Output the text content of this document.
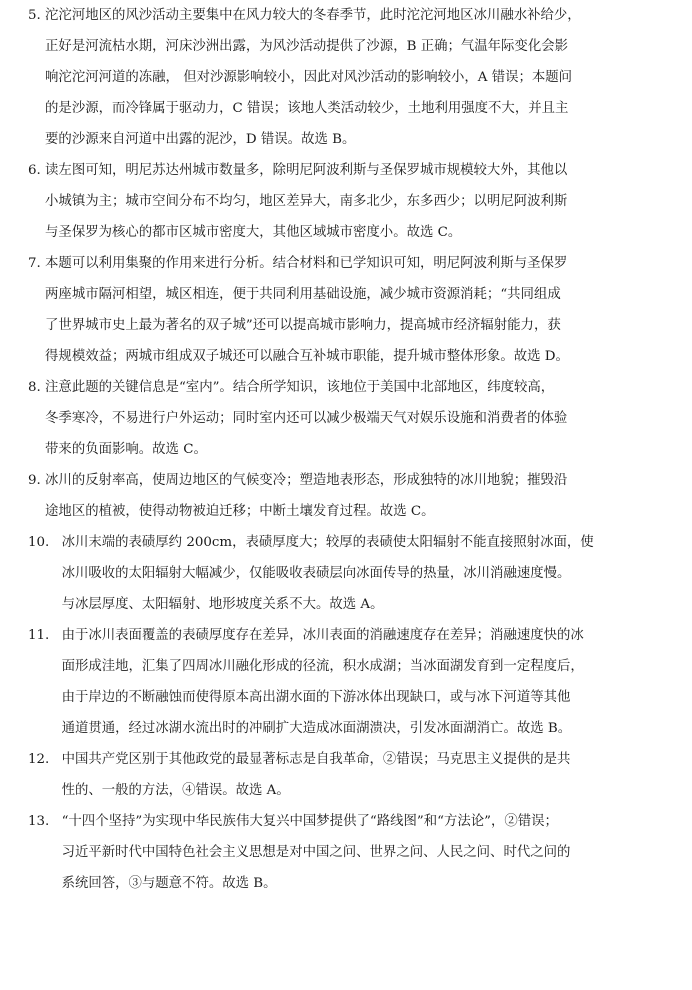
5. 沱沱河地区的风沙活动主要集中在风力较大的冬春季节，此时沱沱河地区冰川融水补给少，
正好是河流枯水期，河床沙洲出露，为风沙活动提供了沙源，B 正确；气温年际变化会影
响沱沱河河道的冻融， 但对沙源影响较小，因此对风沙活动的影响较小，A 错误；本题问
的是沙源，而冷锋属于驱动力，C 错误；该地人类活动较少，土地利用强度不大，并且主
要的沙源来自河道中出露的泥沙，D 错误。故选 B。
6. 读左图可知，明尼苏达州城市数量多，除明尼阿波利斯与圣保罗城市规模较大外，其他以
小城镇为主；城市空间分布不均匀，地区差异大，南多北少，东多西少；以明尼阿波利斯
与圣保罗为核心的都市区城市密度大，其他区域城市密度小。故选 C。
7. 本题可以利用集聚的作用来进行分析。结合材料和已学知识可知，明尼阿波利斯与圣保罗
两座城市隔河相望，城区相连，便于共同利用基础设施，减少城市资源消耗；“共同组成
了世界城市史上最为著名的双子城”还可以提高城市影响力，提高城市经济辐射能力，获
得规模效益；两城市组成双子城还可以融合互补城市职能，提升城市整体形象。故选 D。
8. 注意此题的关键信息是“室内”。结合所学知识，该地位于美国中北部地区，纬度较高，
冬季寒冷，不易进行户外运动；同时室内还可以减少极端天气对娱乐设施和消费者的体验
带来的负面影响。故选 C。
9. 冰川的反射率高，使周边地区的气候变冷；塑造地表形态，形成独特的冰川地貌；摧毁沿
途地区的植被，使得动物被迫迁移；中断土壤发育过程。故选 C。
10. 冰川末端的表碛厚约 200cm，表碛厚度大；较厚的表碛使太阳辐射不能直接照射冰面，使
冰川吸收的太阳辐射大幅减少，仅能吸收表碛层向冰面传导的热量，冰川消融速度慢。
与冰层厚度、太阳辐射、地形坡度关系不大。故选 A。
11. 由于冰川表面覆盖的表碛厚度存在差异，冰川表面的消融速度存在差异；消融速度快的冰
面形成洼地，汇集了四周冰川融化形成的径流，积水成湖；当冰面湖发育到一定程度后，
由于岸边的不断融蚀而使得原本高出湖水面的下游冰体出现缺口，或与冰下河道等其他
通道贯通，经过冰湖水流出时的冲刷扩大造成冰面湖溃决，引发冰面湖消亡。故选 B。
12. 中国共产党区别于其他政党的最显著标志是自我革命，②错误；马克思主义提供的是共
性的、一般的方法，④错误。故选 A。
13. “十四个坚持”为实现中华民族伟大复兴中国梦提供了“路线图”和“方法论”，②错误；
习近平新时代中国特色社会主义思想是对中国之问、世界之问、人民之问、时代之问的
系统回答，③与题意不符。故选 B。
